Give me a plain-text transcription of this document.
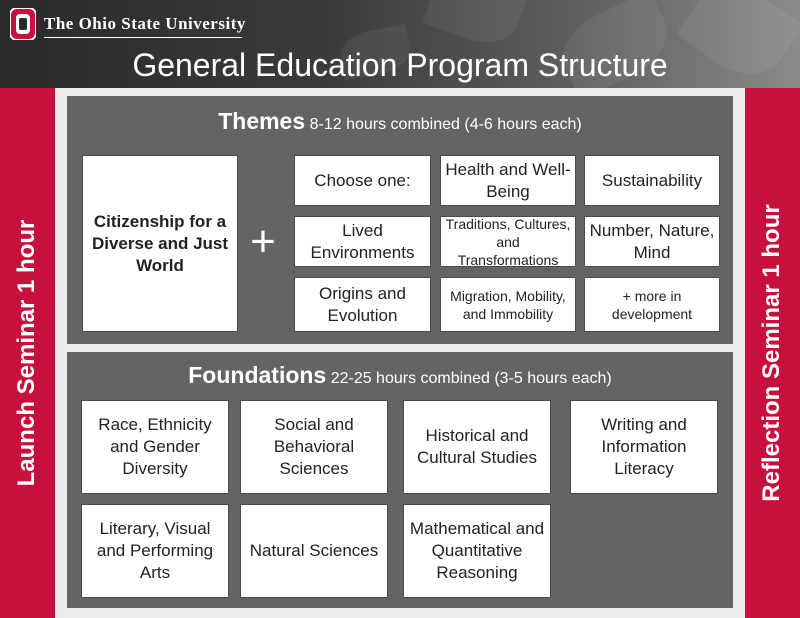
The Ohio State University
General Education Program Structure
Launch Seminar 1 hour	Reflection Seminar 1 hour
Themes 8-12 hours combined (4-6 hours each)
Citizenship for a Diverse and Just World	+
Choose one:
Health and Well-Being
Sustainability
Lived Environments
Traditions, Cultures, and Transformations
Number, Nature, Mind
Origins and Evolution
Migration, Mobility, and Immobility
+ more in development
Foundations 22-25 hours combined (3-5 hours each)
Race, Ethnicity and Gender Diversity
Social and Behavioral Sciences
Historical and Cultural Studies
Writing and Information Literacy
Literary, Visual and Performing Arts
Natural Sciences
Mathematical and Quantitative Reasoning
